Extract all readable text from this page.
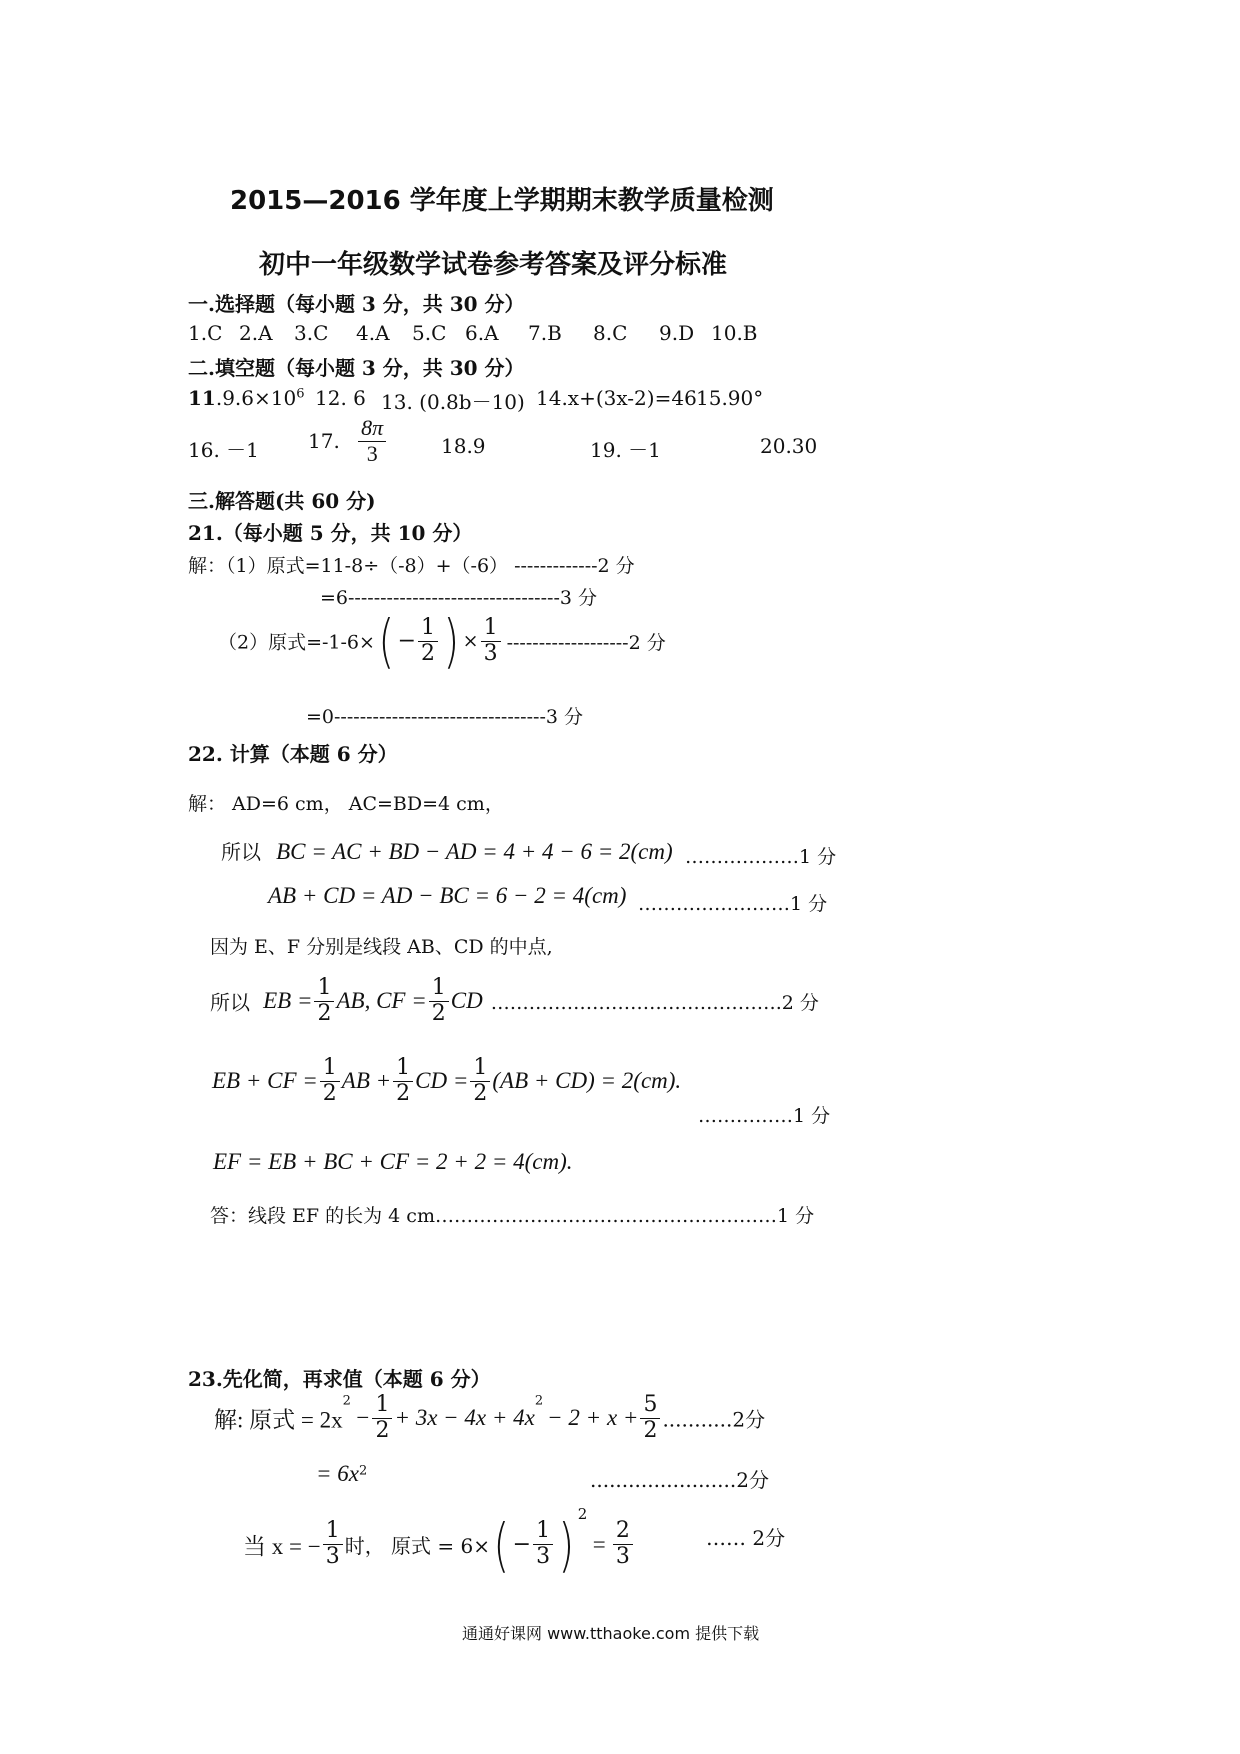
2015—2016 学年度上学期期末教学质量检测
初中一年级数学试卷参考答案及评分标准
一.选择题（每小题 3 分，共 30 分）
1.C 2.A 3.C 4.A 5.C 6.A 7.B 8.C 9.D 10.B
二.填空题（每小题 3 分，共 30 分）
$11.9.6\times 10^6$ 12. 6 13. (0.8b－10) 14.x+(3x-2)=46 15.90°
16. －1 17. $\frac{8\pi}{3}$	18.9	19. －1	20.30
三.解答题(共 60 分)
21.（每小题 5 分，共 10 分）
解：（1）原式=11-8÷（-8）+（-6） -------------2 分
=6---------------------------------3 分
（2）原式$=-1-6\times( - \frac{1}{2}$ ) × $\frac{1}{3} -------------------2$ 分
=0---------------------------------3 分
22. 计算（本题 6 分）
解： AD=6 cm， AC=BD=4 cm，
所以 BC = AC + BD − AD = 4 + 4 − 6 = 2(cm) ………………1 分
AB + CD = AD − BC = 6 − 2 = 4(cm) ……………………1 分
因为 E、F 分别是线段 AB、CD 的中点,
所以 EB = $\frac{1}{2}$ AB, CF = $\frac{1}{2}$ CD ……………………………………….2 分
EB + CF = $\frac{1}{2}$ AB + $\frac{1}{2}$ CD = $\frac{1}{2} (AB + CD) = 2(cm)$.
……………1 分
EF = EB + BC + CF = 2 + 2 = 4(cm).
答：线段 EF 的长为 4 cm………………………………………………1 分
23.先化简，再求值（本题 6 分）
解: 原式 = $2x^2- \frac{1}{2} + 3x - 4x + 4x^2- 2 + x + \frac{5}{2} ...........2$分
= $6x^2$	.......................2分
当 x = − $\frac{1}{3}$ 时， 原式 = $6\times( - \frac{1}{3}$ ) $^2= \frac{2}{3}$	…… 2分
通通好课网 www.tthaoke.com 提供下载
